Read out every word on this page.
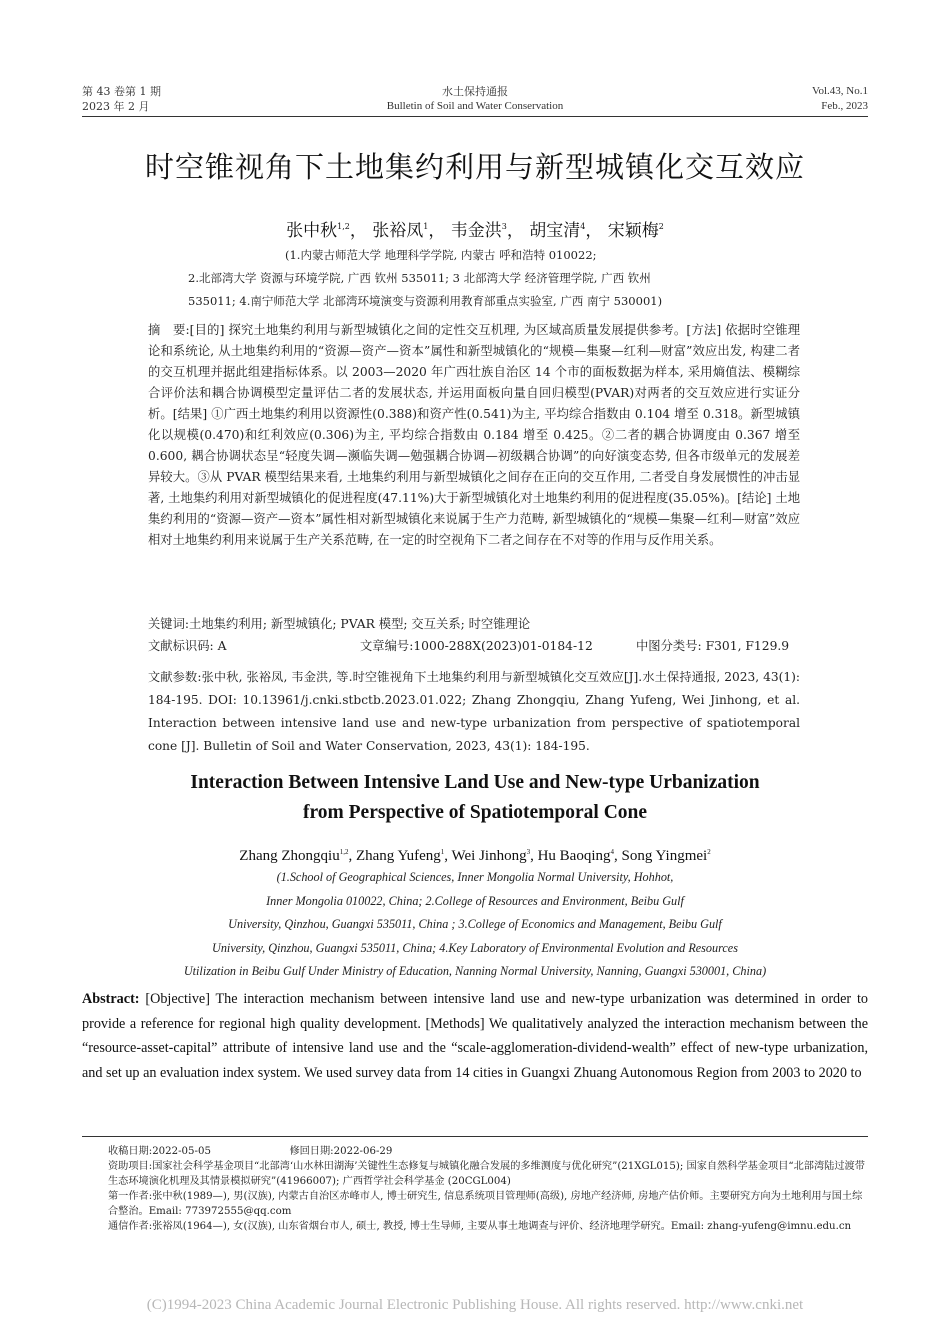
第 43 卷第 1 期
2023 年 2 月
水土保持通报
Bulletin of Soil and Water Conservation
Vol.43, No.1
Feb., 2023
时空锥视角下土地集约利用与新型城镇化交互效应
张中秋$^{1,2}$， 张裕凤$^1$， 韦金洪$^3$， 胡宝清$^4$， 宋颖梅$^2$
(1.内蒙古师范大学 地理科学学院, 内蒙古 呼和浩特 010022;
2.北部湾大学 资源与环境学院, 广西 钦州 535011; 3 北部湾大学 经济管理学院, 广西 钦州
535011; 4.南宁师范大学 北部湾环境演变与资源利用教育部重点实验室, 广西 南宁 530001)
摘　要:[目的] 探究土地集约利用与新型城镇化之间的定性交互机理, 为区域高质量发展提供参考。[方法] 依据时空锥理论和系统论, 从土地集约利用的“资源—资产—资本”属性和新型城镇化的“规模—集聚—红利—财富”效应出发, 构建二者的交互机理并据此组建指标体系。以 2003—2020 年广西壮族自治区 14 个市的面板数据为样本, 采用熵值法、模糊综合评价法和耦合协调模型定量评估二者的发展状态, 并运用面板向量自回归模型(PVAR)对两者的交互效应进行实证分析。[结果] ①广西土地集约利用以资源性(0.388)和资产性(0.541)为主, 平均综合指数由 0.104 增至 0.318。新型城镇化以规模(0.470)和红利效应(0.306)为主, 平均综合指数由 0.184 增至 0.425。②二者的耦合协调度由 0.367 增至 0.600, 耦合协调状态呈“轻度失调—濒临失调—勉强耦合协调—初级耦合协调”的向好演变态势, 但各市级单元的发展差异较大。③从 PVAR 模型结果来看, 土地集约利用与新型城镇化之间存在正向的交互作用, 二者受自身发展惯性的冲击显著, 土地集约利用对新型城镇化的促进程度(47.11%)大于新型城镇化对土地集约利用的促进程度(35.05%)。[结论] 土地集约利用的“资源—资产—资本”属性相对新型城镇化来说属于生产力范畴, 新型城镇化的“规模—集聚—红利—财富”效应相对土地集约利用来说属于生产关系范畴, 在一定的时空视角下二者之间存在不对等的作用与反作用关系。
关键词:土地集约利用; 新型城镇化; PVAR 模型; 交互关系; 时空锥理论
文献标识码: A	文章编号:1000-288X(2023)01-0184-12	中图分类号: F301, F129.9
文献参数:张中秋, 张裕凤, 韦金洪, 等.时空锥视角下土地集约利用与新型城镇化交互效应[J].水土保持通报, 2023, 43(1): 184-195. DOI: 10.13961/j.cnki.stbctb.2023.01.022; Zhang Zhongqiu, Zhang Yufeng, Wei Jinhong, et al. Interaction between intensive land use and new-type urbanization from perspective of spatiotemporal cone [J]. Bulletin of Soil and Water Conservation, 2023, 43(1): 184-195.
Interaction Between Intensive Land Use and New-type Urbanization
from Perspective of Spatiotemporal Cone
Zhang Zhongqiu$^{1,2}$, Zhang Yufeng$^1$, Wei Jinhong$^3$, Hu Baoqing$^4$, Song Yingmei$^2$
(1.School of Geographical Sciences, Inner Mongolia Normal University, Hohhot,
Inner Mongolia 010022, China; 2.College of Resources and Environment, Beibu Gulf
University, Qinzhou, Guangxi 535011, China ; 3.College of Economics and Management, Beibu Gulf
University, Qinzhou, Guangxi 535011, China; 4.Key Laboratory of Environmental Evolution and Resources
Utilization in Beibu Gulf Under Ministry of Education, Nanning Normal University, Nanning, Guangxi 530001, China)
Abstract: [Objective] The interaction mechanism between intensive land use and new-type urbanization was determined in order to provide a reference for regional high quality development. [Methods] We qualitatively analyzed the interaction mechanism between the “resource-asset-capital” attribute of intensive land use and the “scale-agglomeration-dividend-wealth” effect of new-type urbanization, and set up an evaluation index system. We used survey data from 14 cities in Guangxi Zhuang Autonomous Region from 2003 to 2020 to
收稿日期:2022-05-05	修回日期:2022-06-29
资助项目:国家社会科学基金项目“北部湾‘山水林田湖海’关键性生态修复与城镇化融合发展的多维测度与优化研究”(21XGL015); 国家自然科学基金项目“北部湾陆过渡带生态环境演化机理及其情景模拟研究”(41966007); 广西哲学社会科学基金 (20CGL004)
第一作者:张中秋(1989—), 男(汉族), 内蒙古自治区赤峰市人, 博士研究生, 信息系统项目管理师(高级), 房地产经济师, 房地产估价师。主要研究方向为土地利用与国土综合整治。Email: 773972555@qq.com
通信作者:张裕凤(1964—), 女(汉族), 山东省烟台市人, 硕士, 教授, 博士生导师, 主要从事土地调查与评价、经济地理学研究。Email: zhang-yufeng@imnu.edu.cn
(C)1994-2023 China Academic Journal Electronic Publishing House. All rights reserved. http://www.cnki.net
